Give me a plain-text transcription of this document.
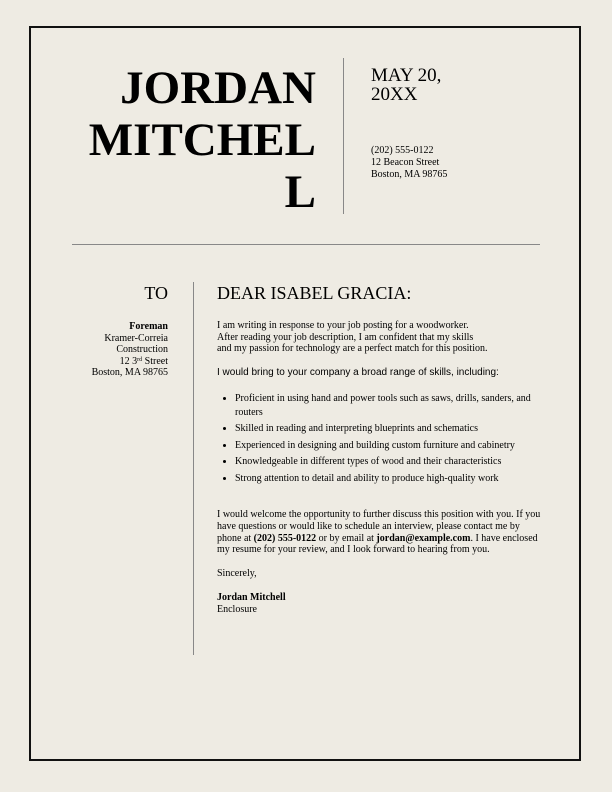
JORDAN
MITCHEL
L
MAY 20,
20XX
(202) 555-0122
12 Beacon Street
Boston, MA 98765
TO
Foreman
Kramer-Correia
Construction
12 3rd Street
Boston, MA 98765
DEAR ISABEL GRACIA:
I am writing in response to your job posting for a woodworker.
After reading your job description, I am confident that my skills
and my passion for technology are a perfect match for this position.
I would bring to your company a broad range of skills, including:
• Proficient in using hand and power tools such as saws, drills, sanders, and routers
• Skilled in reading and interpreting blueprints and schematics
• Experienced in designing and building custom furniture and cabinetry
• Knowledgeable in different types of wood and their characteristics
• Strong attention to detail and ability to produce high-quality work
I would welcome the opportunity to further discuss this position with you. If you have questions or would like to schedule an interview, please contact me by phone at (202) 555-0122 or by email at jordan@example.com. I have enclosed my resume for your review, and I look forward to hearing from you.
Sincerely,
Jordan Mitchell
Enclosure
